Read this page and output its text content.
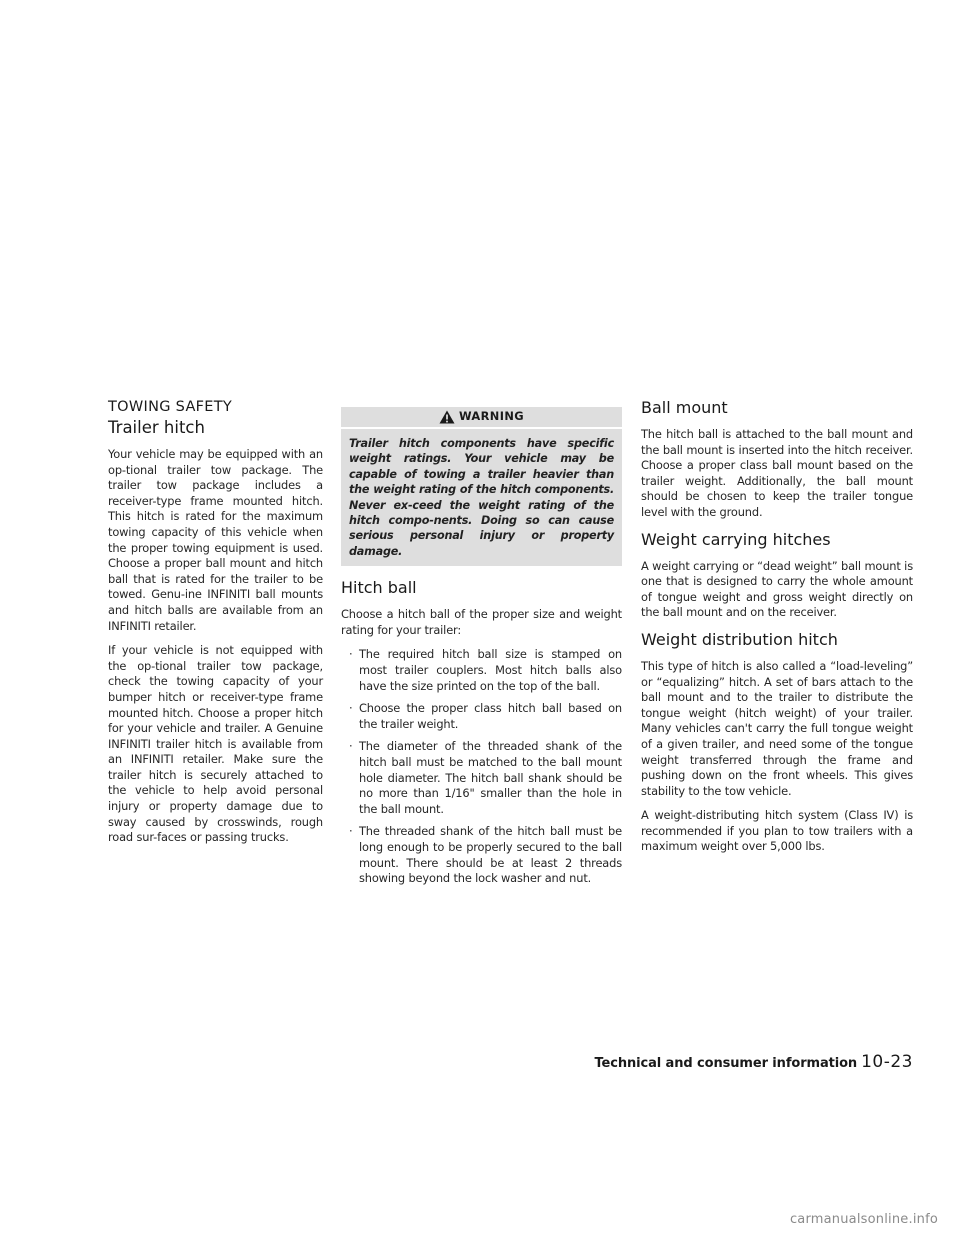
TOWING SAFETY
Trailer hitch

Your vehicle may be equipped with an op-tional trailer tow package. The trailer tow package includes a receiver-type frame mounted hitch. This hitch is rated for the maximum towing capacity of this vehicle when the proper towing equipment is used. Choose a proper ball mount and hitch ball that is rated for the trailer to be towed. Genu-ine INFINITI ball mounts and hitch balls are available from an INFINITI retailer.

If your vehicle is not equipped with the op-tional trailer tow package, check the towing capacity of your bumper hitch or receiver-type frame mounted hitch. Choose a proper hitch for your vehicle and trailer. A Genuine INFINITI trailer hitch is available from an INFINITI retailer. Make sure the trailer hitch is securely attached to the vehicle to help avoid personal injury or property damage due to sway caused by crosswinds, rough road sur-faces or passing trucks.

WARNING
Trailer hitch components have specific weight ratings. Your vehicle may be capable of towing a trailer heavier than the weight rating of the hitch components. Never ex-ceed the weight rating of the hitch compo-nents. Doing so can cause serious personal injury or property damage.
Hitch ball

Choose a hitch ball of the proper size and weight rating for your trailer:

· The required hitch ball size is stamped on most trailer couplers. Most hitch balls also have the size printed on the top of the ball.
· Choose the proper class hitch ball based on the trailer weight.
· The diameter of the threaded shank of the hitch ball must be matched to the ball mount hole diameter. The hitch ball shank should be no more than 1/16" smaller than the hole in the ball mount.
· The threaded shank of the hitch ball must be long enough to be properly secured to the ball mount. There should be at least 2 threads showing beyond the lock washer and nut.
Ball mount

The hitch ball is attached to the ball mount and the ball mount is inserted into the hitch receiver. Choose a proper class ball mount based on the trailer weight. Additionally, the ball mount should be chosen to keep the trailer tongue level with the ground.

Weight carrying hitches

A weight carrying or “dead weight” ball mount is one that is designed to carry the whole amount of tongue weight and gross weight directly on the ball mount and on the receiver.

Weight distribution hitch

This type of hitch is also called a “load-leveling” or “equalizing” hitch. A set of bars attach to the ball mount and to the trailer to distribute the tongue weight (hitch weight) of your trailer. Many vehicles can't carry the full tongue weight of a given trailer, and need some of the tongue weight transferred through the frame and pushing down on the front wheels. This gives stability to the tow vehicle.

A weight-distributing hitch system (Class IV) is recommended if you plan to tow trailers with a maximum weight over 5,000 lbs.

Technical and consumer information 10-23
carmanualsonline.info
